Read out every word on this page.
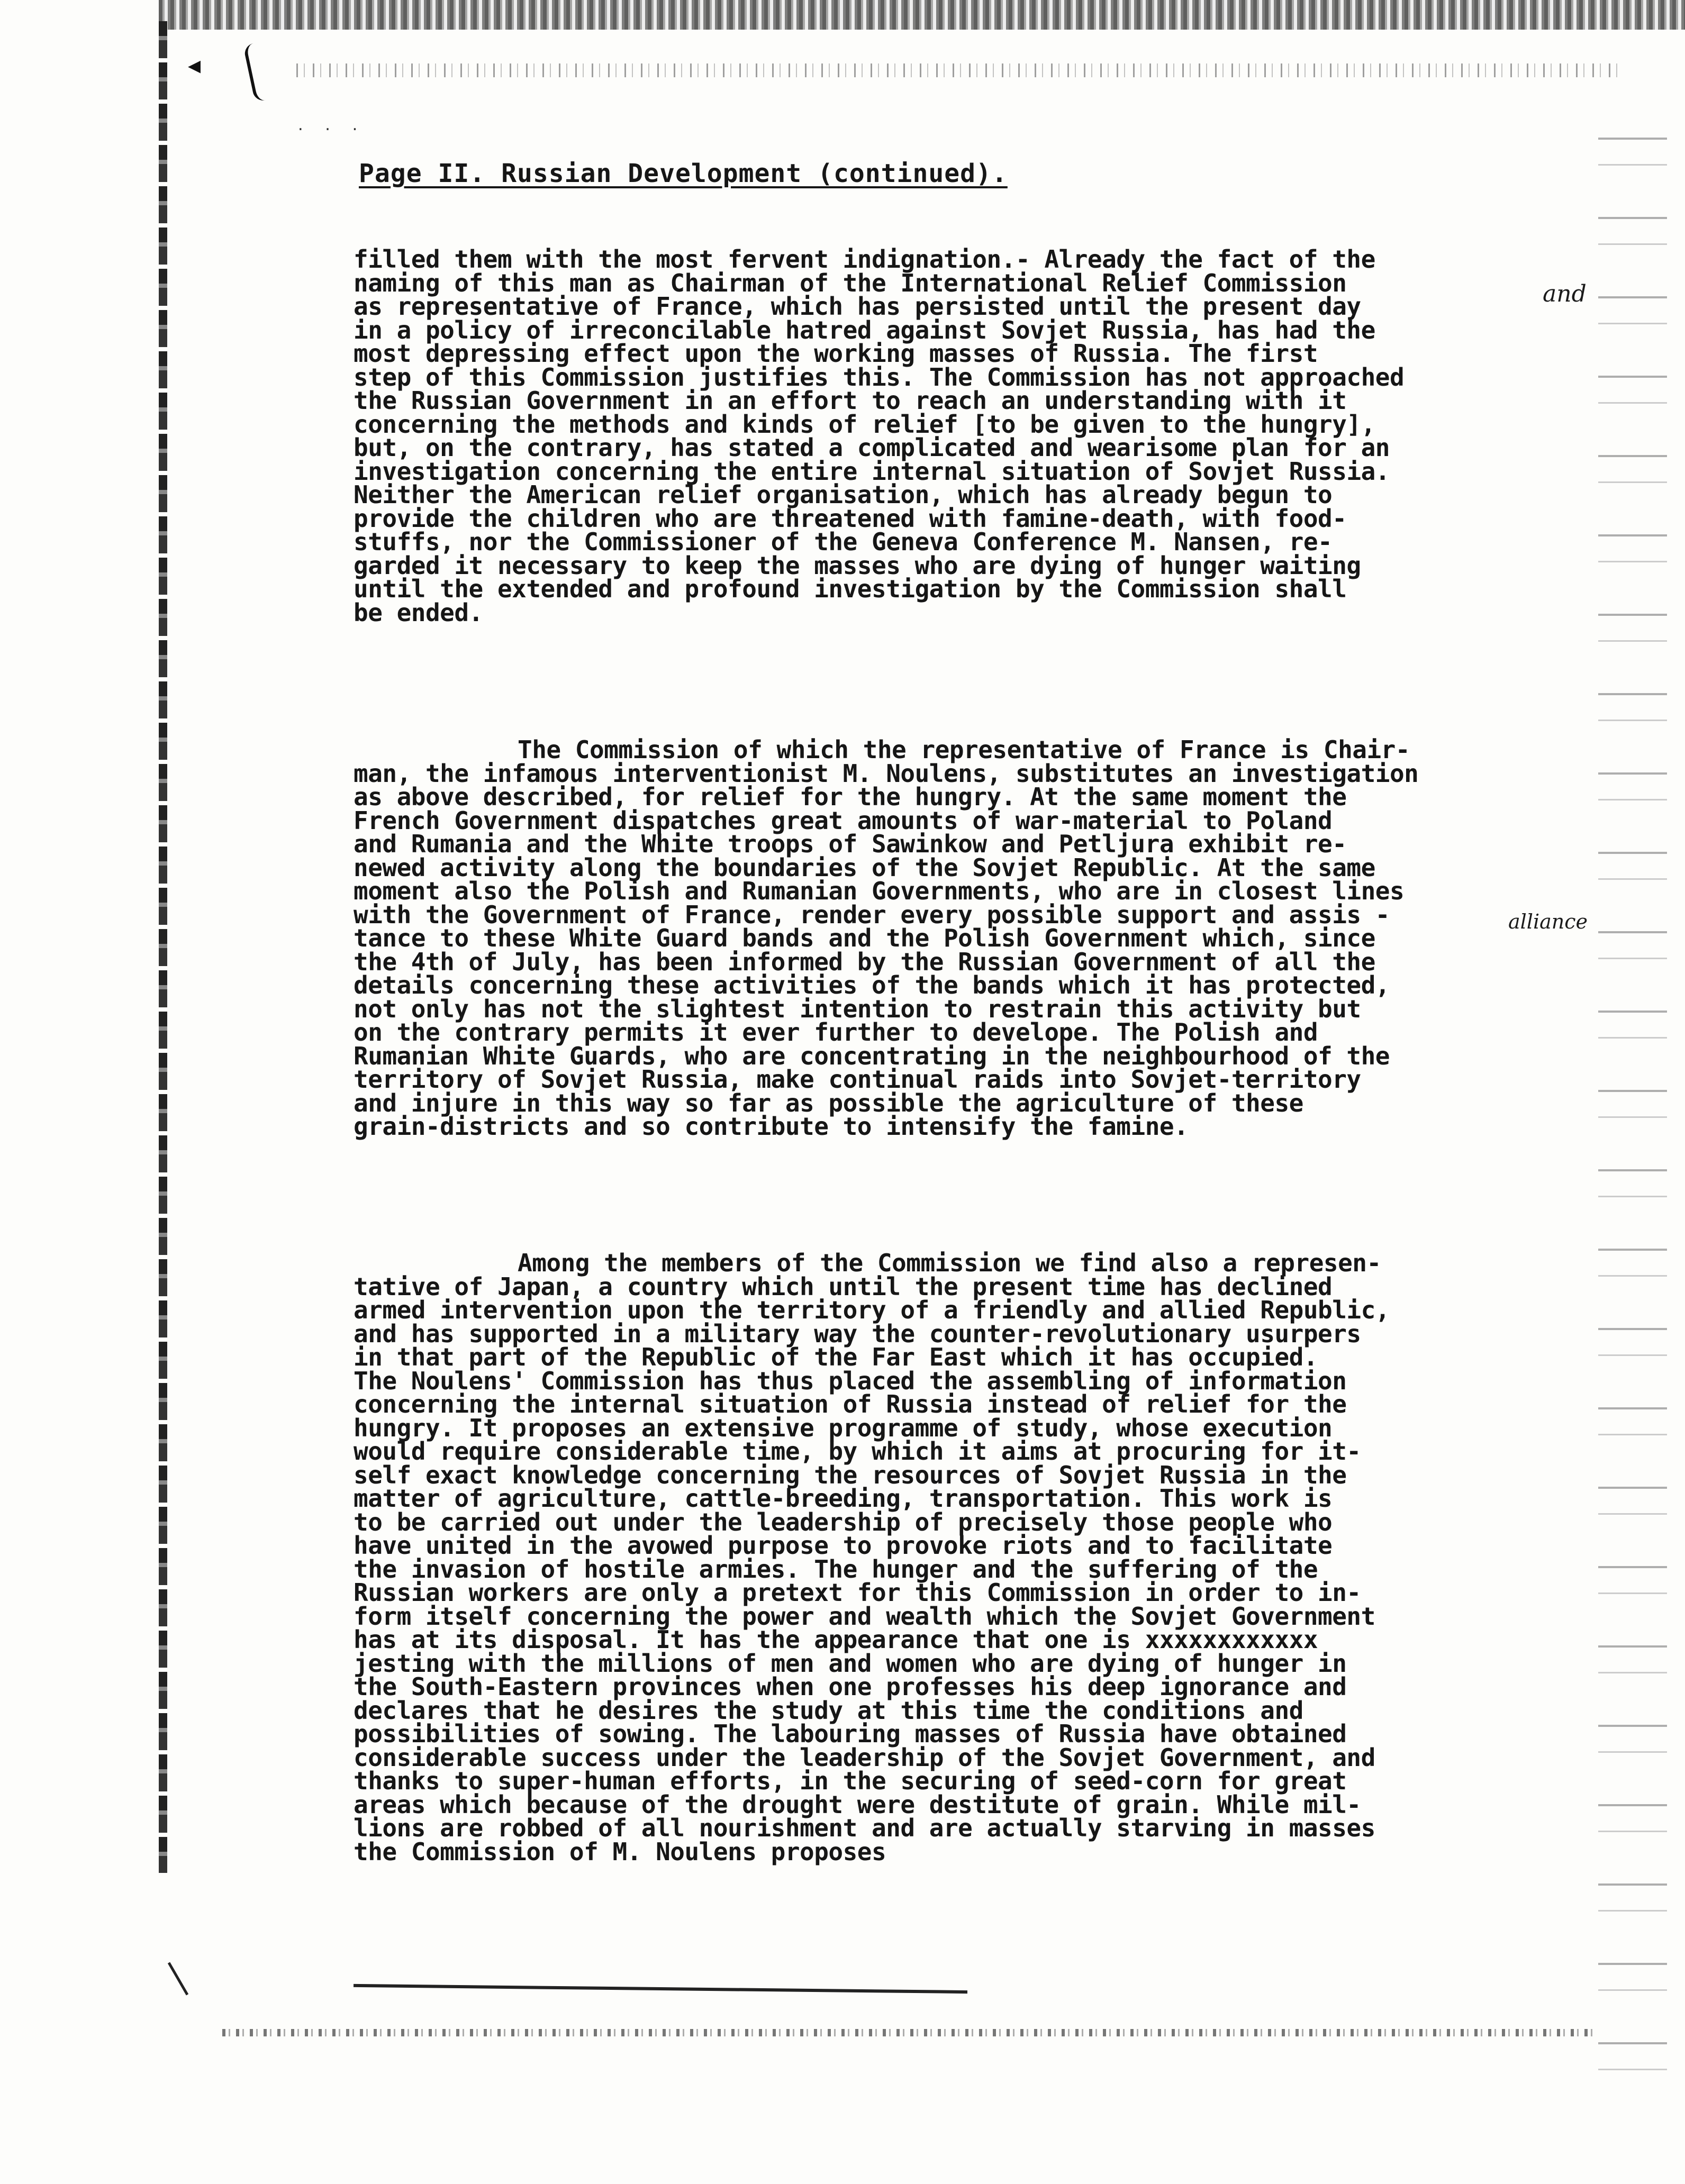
◀
· · ·
Page II. Russian Development (continued).
filled them with the most fervent indignation.- Already the fact of the
naming of this man as Chairman of the International Relief Commission
as representative of France, which has persisted until the present day
in a policy of irreconcilable hatred against Sovjet Russia, has had the
most depressing effect upon the working masses of Russia. The first
step of this Commission justifies this. The Commission has not approached
the Russian Government in an effort to reach an understanding with it
concerning the methods and kinds of relief [to be given to the hungry],
but, on the contrary, has stated a complicated and wearisome plan for an
investigation concerning the entire internal situation of Sovjet Russia.
Neither the American relief organisation, which has already begun to
provide the children who are threatened with famine-death, with food-
stuffs, nor the Commissioner of the Geneva Conference M. Nansen, re-
garded it necessary to keep the masses who are dying of hunger waiting
until the extended and profound investigation by the Commission shall
be ended.
The Commission of which the representative of France is Chair-
man, the infamous interventionist M. Noulens, substitutes an investigation
as above described, for relief for the hungry. At the same moment the
French Government dispatches great amounts of war-material to Poland
and Rumania and the White troops of Sawinkow and Petljura exhibit re-
newed activity along the boundaries of the Sovjet Republic. At the same
moment also the Polish and Rumanian Governments, who are in closest lines
with the Government of France, render every possible support and assis -
tance to these White Guard bands and the Polish Government which, since
the 4th of July, has been informed by the Russian Government of all the
details concerning these activities of the bands which it has protected,
not only has not the slightest intention to restrain this activity but
on the contrary permits it ever further to develope. The Polish and
Rumanian White Guards, who are concentrating in the neighbourhood of the
territory of Sovjet Russia, make continual raids into Sovjet-territory
and injure in this way so far as possible the agriculture of these
grain-districts and so contribute to intensify the famine.
Among the members of the Commission we find also a represen-
tative of Japan, a country which until the present time has declined
armed intervention upon the territory of a friendly and allied Republic,
and has supported in a military way the counter-revolutionary usurpers
in that part of the Republic of the Far East which it has occupied.
The Noulens' Commission has thus placed the assembling of information
concerning the internal situation of Russia instead of relief for the
hungry. It proposes an extensive programme of study, whose execution
would require considerable time, by which it aims at procuring for it-
self exact knowledge concerning the resources of Sovjet Russia in the
matter of agriculture, cattle-breeding, transportation. This work is
to be carried out under the leadership of precisely those people who
have united in the avowed purpose to provoke riots and to facilitate
the invasion of hostile armies. The hunger and the suffering of the
Russian workers are only a pretext for this Commission in order to in-
form itself concerning the power and wealth which the Sovjet Government
has at its disposal. It has the appearance that one is xxxxxxxxxxxx
jesting with the millions of men and women who are dying of hunger in
the South-Eastern provinces when one professes his deep ignorance and
declares that he desires the study at this time the conditions and
possibilities of sowing. The labouring masses of Russia have obtained
considerable success under the leadership of the Sovjet Government, and
thanks to super-human efforts, in the securing of seed-corn for great
areas which because of the drought were destitute of grain. While mil-
lions are robbed of all nourishment and are actually starving in masses
the Commission of M. Noulens proposes
and
alliance
